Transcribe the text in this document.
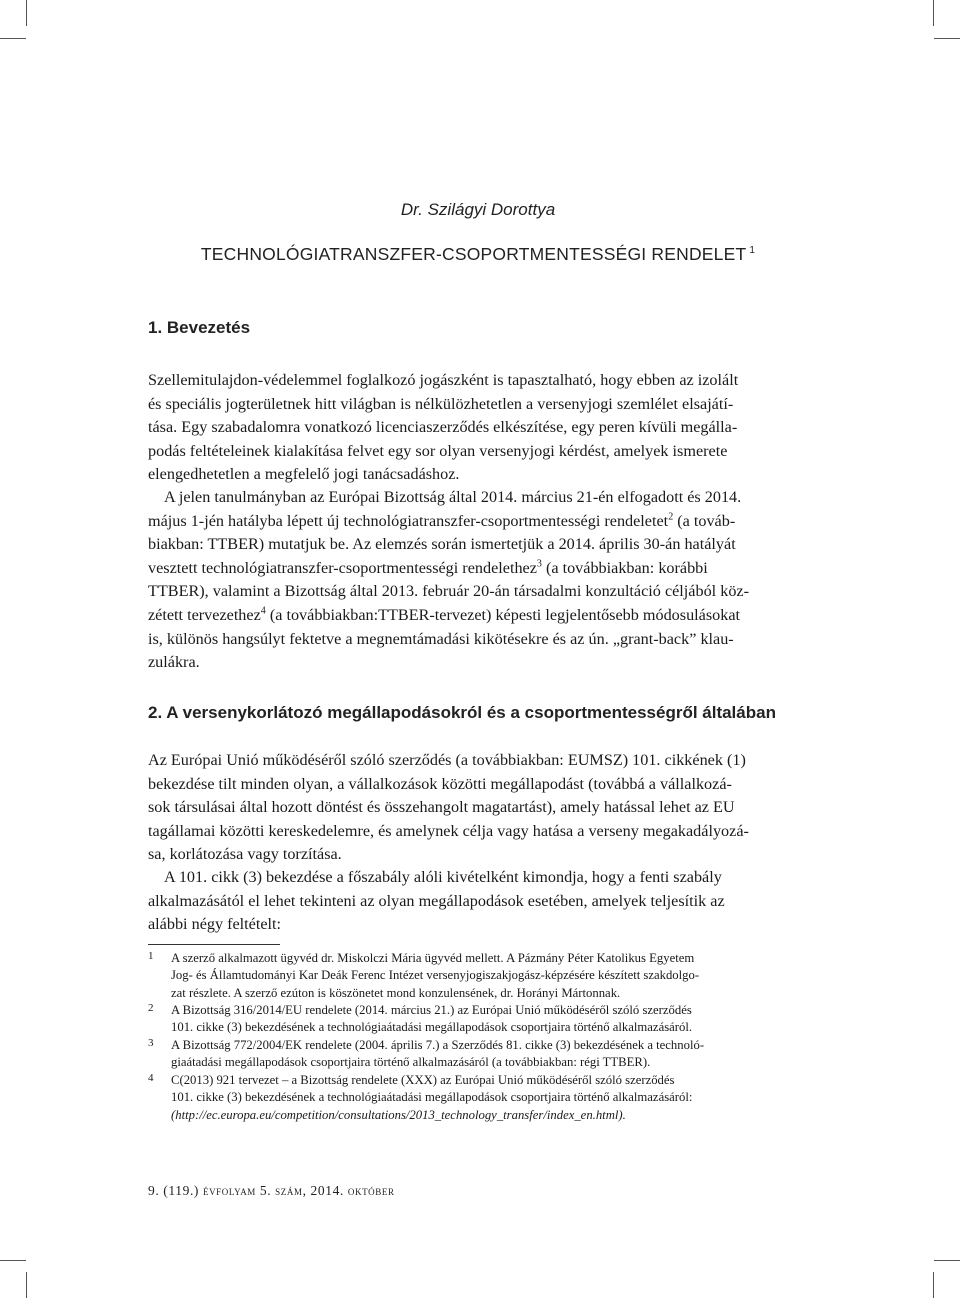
Dr. Szilágyi Dorottya
TECHNOLÓGIATRANSZFER-CSOPORTMENTESSÉGI RENDELET $^1$
1. Bevezetés
Szellemitulajdon-védelemmel foglalkozó jogászként is tapasztalható, hogy ebben az izolált
és speciális jogterületnek hitt világban is nélkülözhetetlen a versenyjogi szemlélet elsajátí-
tása. Egy szabadalomra vonatkozó licenciaszerződés elkészítése, egy peren kívüli megálla-
podás feltételeinek kialakítása felvet egy sor olyan versenyjogi kérdést, amelyek ismerete
elengedhetetlen a megfelelő jogi tanácsadáshoz.
A jelen tanulmányban az Európai Bizottság által 2014. március 21-én elfogadott és 2014.
május 1-jén hatályba lépett új technológiatranszfer-csoportmentességi rendeletet$^2$ (a továb-
biakban: TTBER) mutatjuk be. Az elemzés során ismertetjük a 2014. április 30-án hatályát
vesztett technológiatranszfer-csoportmentességi rendelethez$^3$ (a továbbiakban: korábbi
TTBER), valamint a Bizottság által 2013. február 20-án társadalmi konzultáció céljából köz-
zétett tervezethez$^4$ (a továbbiakban:TTBER-tervezet) képesti legjelentősebb módosulásokat
is, különös hangsúlyt fektetve a megnemtámadási kikötésekre és az ún. „grant-back” klau-
zulákra.
2. A versenykorlátozó megállapodásokról és a csoportmentességről általában
Az Európai Unió működéséről szóló szerződés (a továbbiakban: EUMSZ) 101. cikkének (1)
bekezdése tilt minden olyan, a vállalkozások közötti megállapodást (továbbá a vállalkozá-
sok társulásai által hozott döntést és összehangolt magatartást), amely hatással lehet az EU
tagállamai közötti kereskedelemre, és amelynek célja vagy hatása a verseny megakadályozá-
sa, korlátozása vagy torzítása.
A 101. cikk (3) bekezdése a főszabály alóli kivételként kimondja, hogy a fenti szabály
alkalmazásától el lehet tekinteni az olyan megállapodások esetében, amelyek teljesítik az
alábbi négy feltételt:
1 A szerző alkalmazott ügyvéd dr. Miskolczi Mária ügyvéd mellett. A Pázmány Péter Katolikus Egyetem
Jog- és Államtudományi Kar Deák Ferenc Intézet versenyjogiszakjogász-képzésére készített szakdolgo-
zat részlete. A szerző ezúton is köszönetet mond konzulensének, dr. Horányi Mártonnak.
2 A Bizottság 316/2014/EU rendelete (2014. március 21.) az Európai Unió működéséről szóló szerződés
101. cikke (3) bekezdésének a technológiaátadási megállapodások csoportjaira történő alkalmazásáról.
3 A Bizottság 772/2004/EK rendelete (2004. április 7.) a Szerződés 81. cikke (3) bekezdésének a technoló-
giaátadási megállapodások csoportjaira történő alkalmazásáról (a továbbiakban: régi TTBER).
4 C(2013) 921 tervezet – a Bizottság rendelete (XXX) az Európai Unió működéséről szóló szerződés
101. cikke (3) bekezdésének a technológiaátadási megállapodások csoportjaira történő alkalmazásáról:
(http://ec.europa.eu/competition/consultations/2013_technology_transfer/index_en.html).
9. (119.) évfolyam 5. szám, 2014. október
